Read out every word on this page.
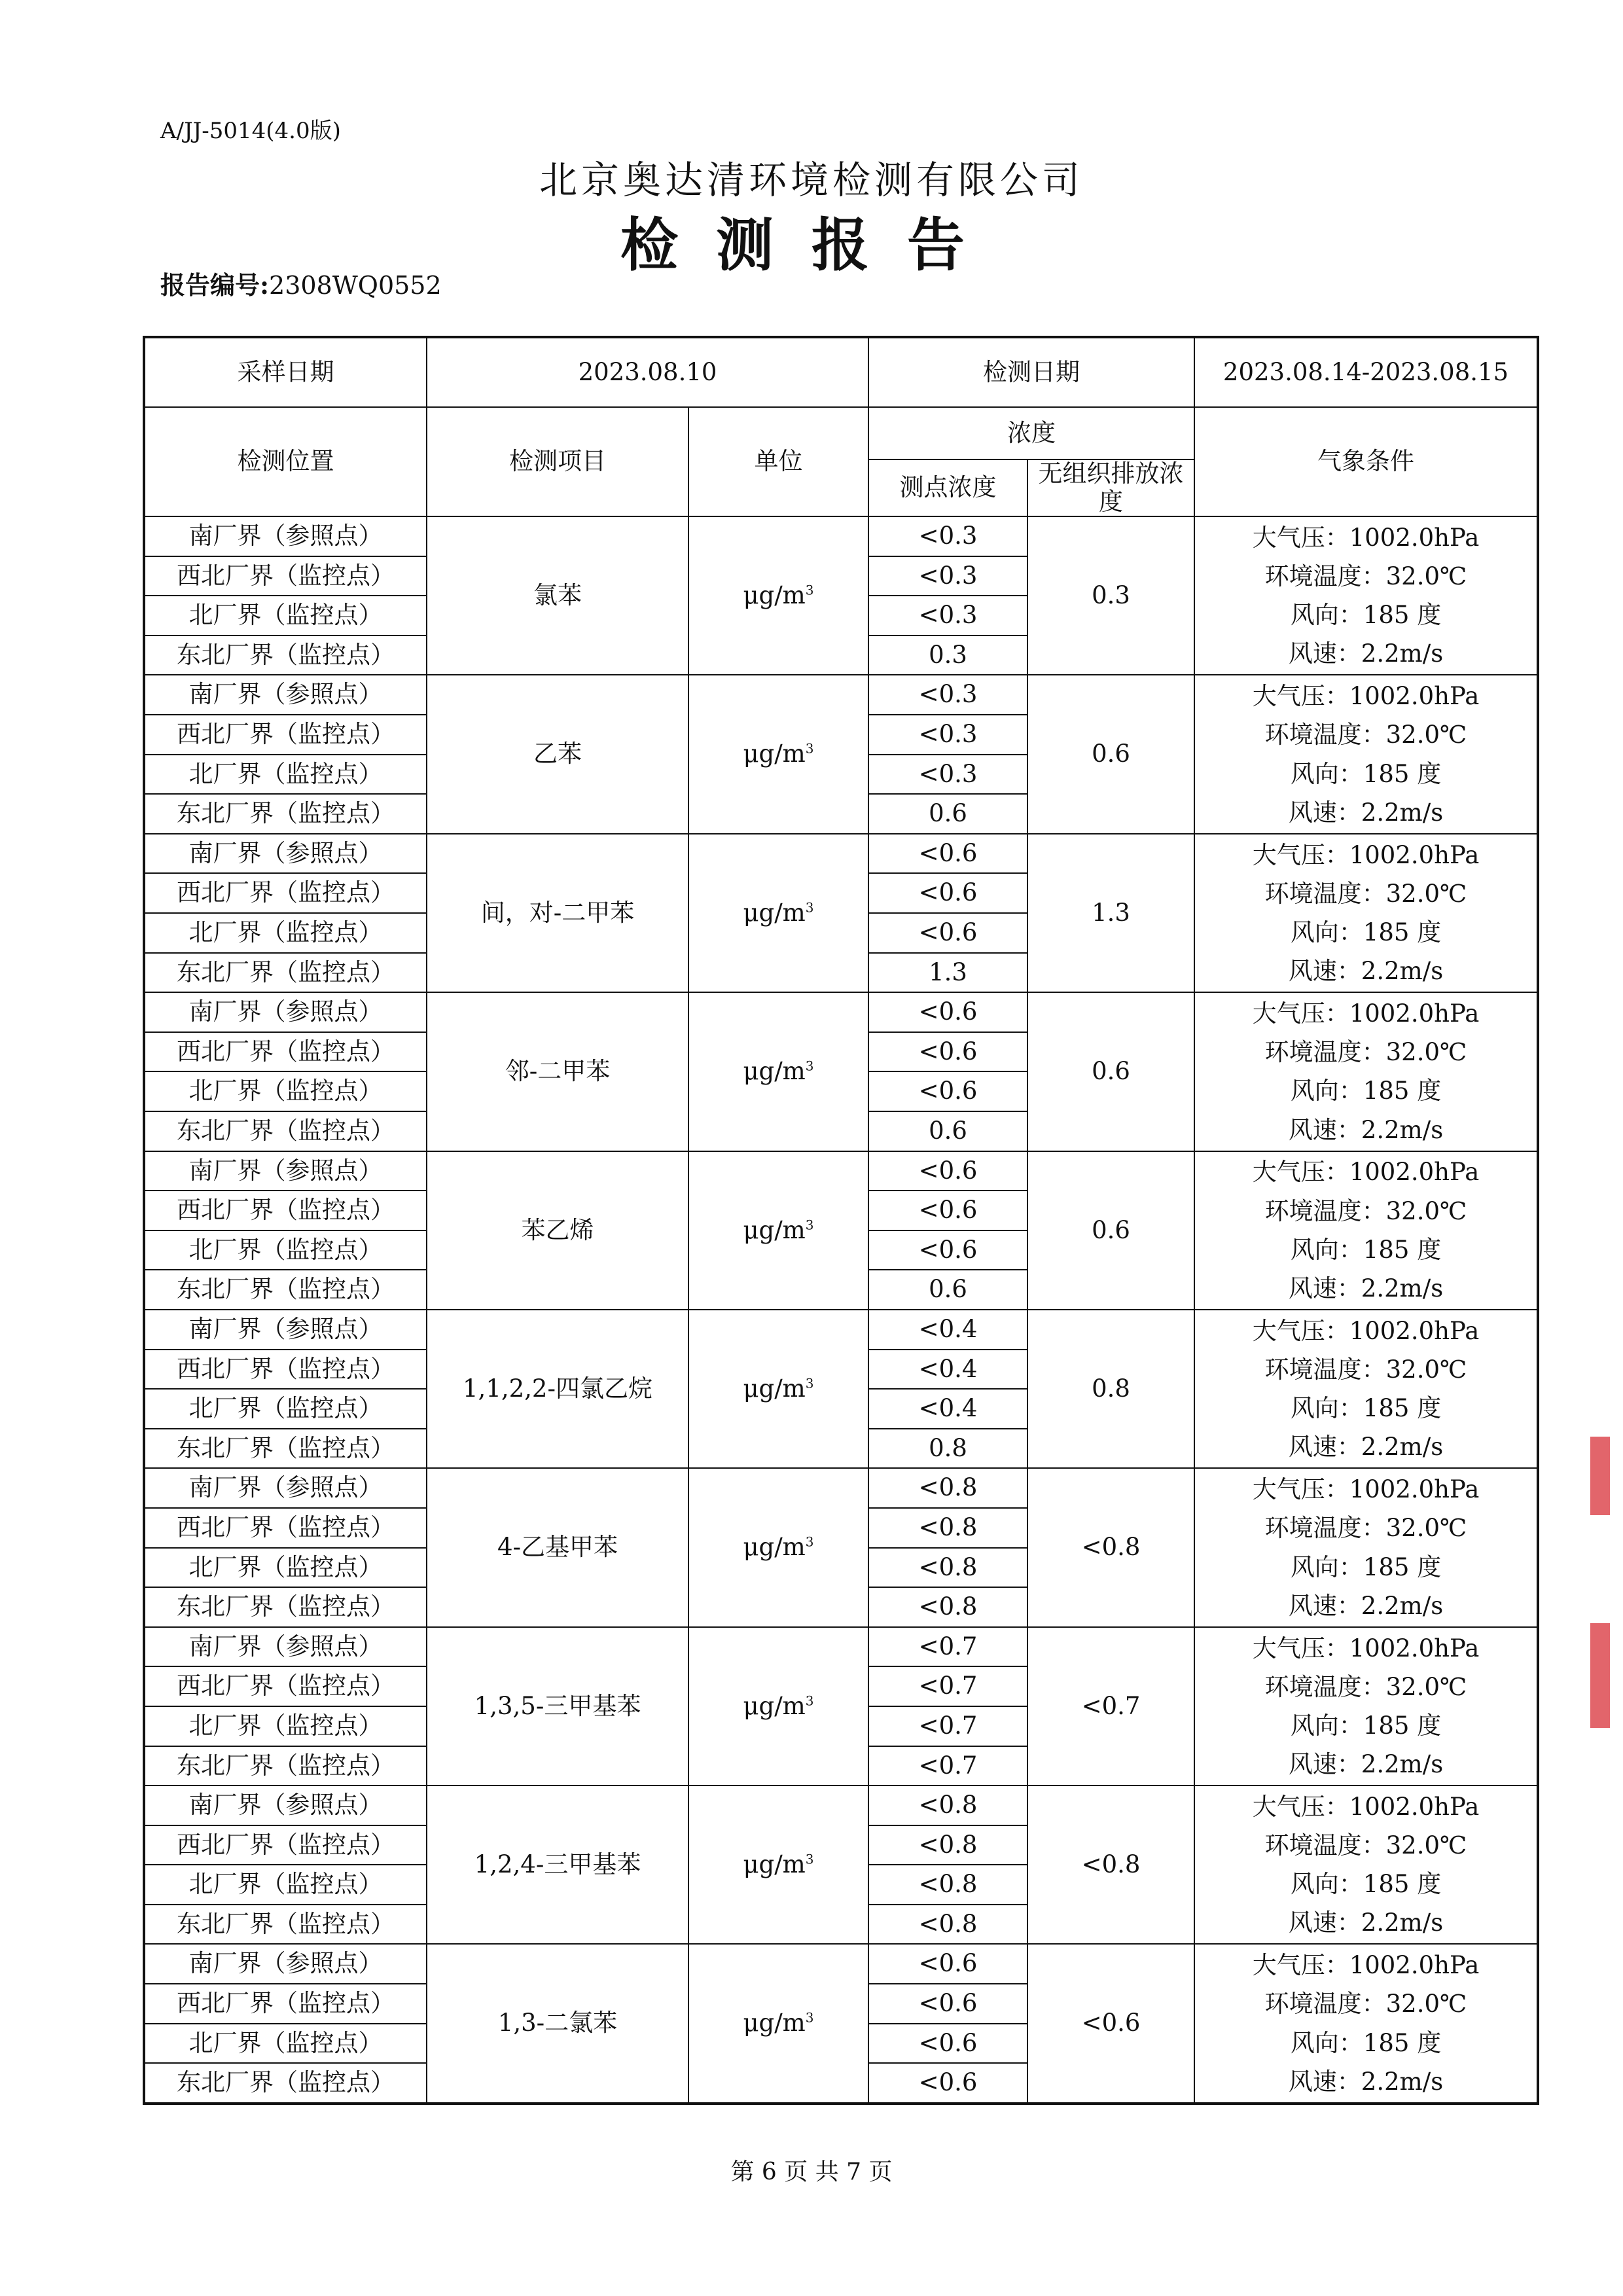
A/JJ-5014(4.0版)
北京奥达清环境检测有限公司
检测报告
报告编号:2308WQ0552
采样日期	2023.08.10		检测日期		2023.08.14-2023.08.15
检测位置	检测项目	单位	浓度		气象条件
			测点浓度	无组织排放浓度	
南厂界（参照点）	氯苯	$\mu g/m^3$	<0.3	0.3	大气压：1002.0hPa
环境温度：32.0℃
风向：185 度
风速：2.2m/s

西北厂界（监控点）			<0.3		
北厂界（监控点）			<0.3		
东北厂界（监控点）			0.3		
南厂界（参照点）	乙苯	$\mu g/m^3$	<0.3	0.6	大气压：1002.0hPa
环境温度：32.0℃
风向：185 度
风速：2.2m/s

西北厂界（监控点）			<0.3		
北厂界（监控点）			<0.3		
东北厂界（监控点）			0.6		
南厂界（参照点）	间，对-二甲苯	$\mu g/m^3$	<0.6	1.3	大气压：1002.0hPa
环境温度：32.0℃
风向：185 度
风速：2.2m/s

西北厂界（监控点）			<0.6		
北厂界（监控点）			<0.6		
东北厂界（监控点）			1.3		
南厂界（参照点）	邻-二甲苯	$\mu g/m^3$	<0.6	0.6	大气压：1002.0hPa
环境温度：32.0℃
风向：185 度
风速：2.2m/s

西北厂界（监控点）			<0.6		
北厂界（监控点）			<0.6		
东北厂界（监控点）			0.6		
南厂界（参照点）	苯乙烯	$\mu g/m^3$	<0.6	0.6	大气压：1002.0hPa
环境温度：32.0℃
风向：185 度
风速：2.2m/s

西北厂界（监控点）			<0.6		
北厂界（监控点）			<0.6		
东北厂界（监控点）			0.6		
南厂界（参照点）	1,1,2,2-四氯乙烷	$\mu g/m^3$	<0.4	0.8	大气压：1002.0hPa
环境温度：32.0℃
风向：185 度
风速：2.2m/s

西北厂界（监控点）			<0.4		
北厂界（监控点）			<0.4		
东北厂界（监控点）			0.8		
南厂界（参照点）	4-乙基甲苯	$\mu g/m^3$	<0.8	<0.8	大气压：1002.0hPa
环境温度：32.0℃
风向：185 度
风速：2.2m/s

西北厂界（监控点）			<0.8		
北厂界（监控点）			<0.8		
东北厂界（监控点）			<0.8		
南厂界（参照点）	1,3,5-三甲基苯	$\mu g/m^3$	<0.7	<0.7	大气压：1002.0hPa
环境温度：32.0℃
风向：185 度
风速：2.2m/s

西北厂界（监控点）			<0.7		
北厂界（监控点）			<0.7		
东北厂界（监控点）			<0.7		
南厂界（参照点）	1,2,4-三甲基苯	$\mu g/m^3$	<0.8	<0.8	大气压：1002.0hPa
环境温度：32.0℃
风向：185 度
风速：2.2m/s

西北厂界（监控点）			<0.8		
北厂界（监控点）			<0.8		
东北厂界（监控点）			<0.8		
南厂界（参照点）	1,3-二氯苯	$\mu g/m^3$	<0.6	<0.6	大气压：1002.0hPa
环境温度：32.0℃
风向：185 度
风速：2.2m/s

西北厂界（监控点）			<0.6		
北厂界（监控点）			<0.6		
东北厂界（监控点）			<0.6		
第 6 页 共 7 页
